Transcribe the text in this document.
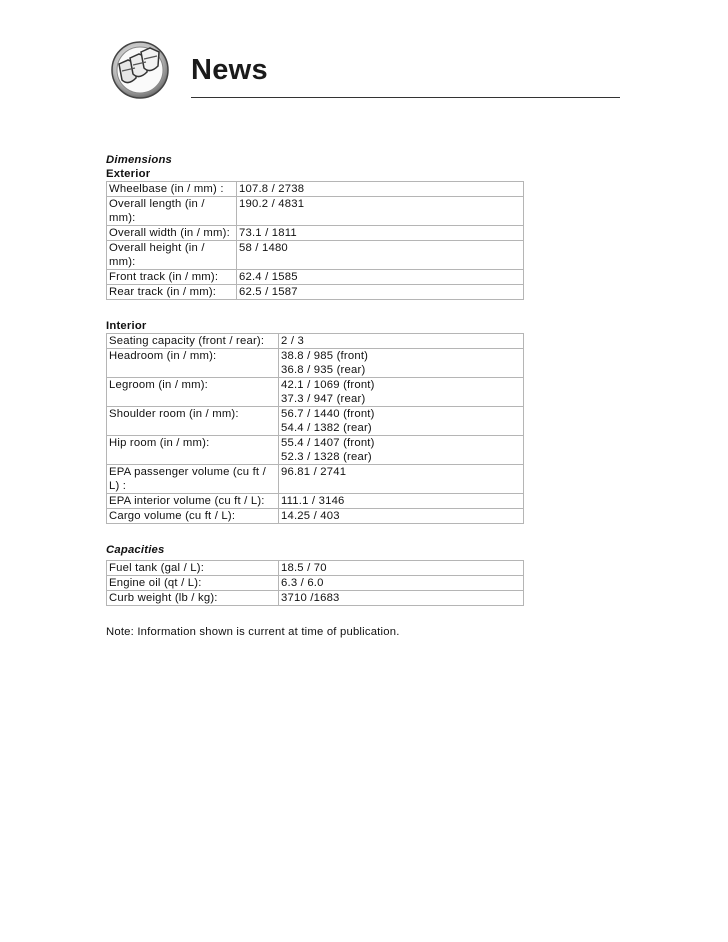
News
Dimensions
Exterior
Wheelbase (in / mm) :	107.8 / 2738

Overall length (in / mm):	190.2 / 4831

Overall width (in / mm):	73.1 / 1811

Overall height (in / mm):	58 / 1480

Front track (in / mm):	62.4 / 1585

Rear track (in / mm):	62.5 / 1587
Interior
Seating capacity (front / rear):	2 / 3

Headroom (in / mm):	38.8 / 985 (front)
36.8 / 935 (rear)

Legroom (in / mm):	42.1 / 1069 (front)
37.3 / 947 (rear)

Shoulder room (in / mm):	56.7 / 1440 (front)
54.4 / 1382 (rear)

Hip room (in / mm):	55.4 / 1407 (front)
52.3 / 1328 (rear)

EPA passenger volume (cu ft / L) :	96.81 / 2741

EPA interior volume (cu ft / L):	111.1 / 3146

Cargo volume (cu ft / L):	14.25 / 403
Capacities
Fuel tank (gal / L):	18.5 / 70

Engine oil (qt / L):	6.3 / 6.0

Curb weight (lb / kg):	3710 /1683
Note: Information shown is current at time of publication.
